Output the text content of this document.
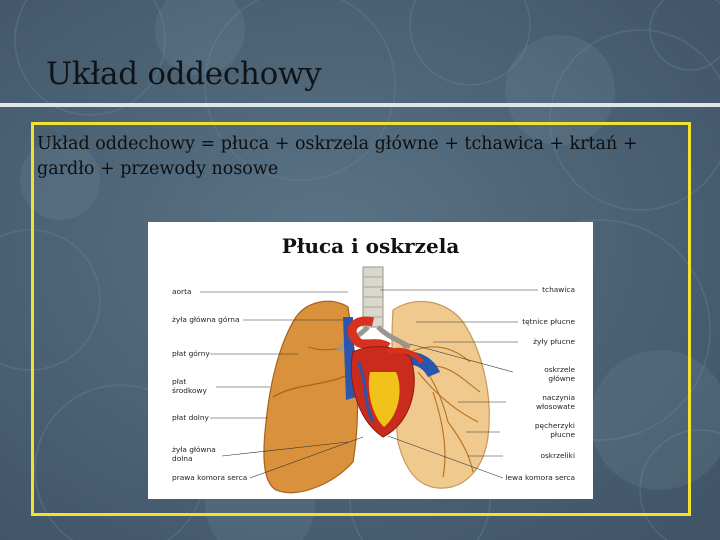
Układ oddechowy

Układ oddechowy = płuca + oskrzela główne + tchawica + krtań + gardło + przewody nosowe

Płuca i oskrzela
aorta
żyła główna górna
płat górny
płat
środkowy
płat dolny
żyła główna
dolna
prawa komora serca
tchawica
tętnice płucne
żyły płucne
oskrzele
główne
naczynia
włosowate
pęcherzyki
płucne
oskrzeliki
lewa komora serca
